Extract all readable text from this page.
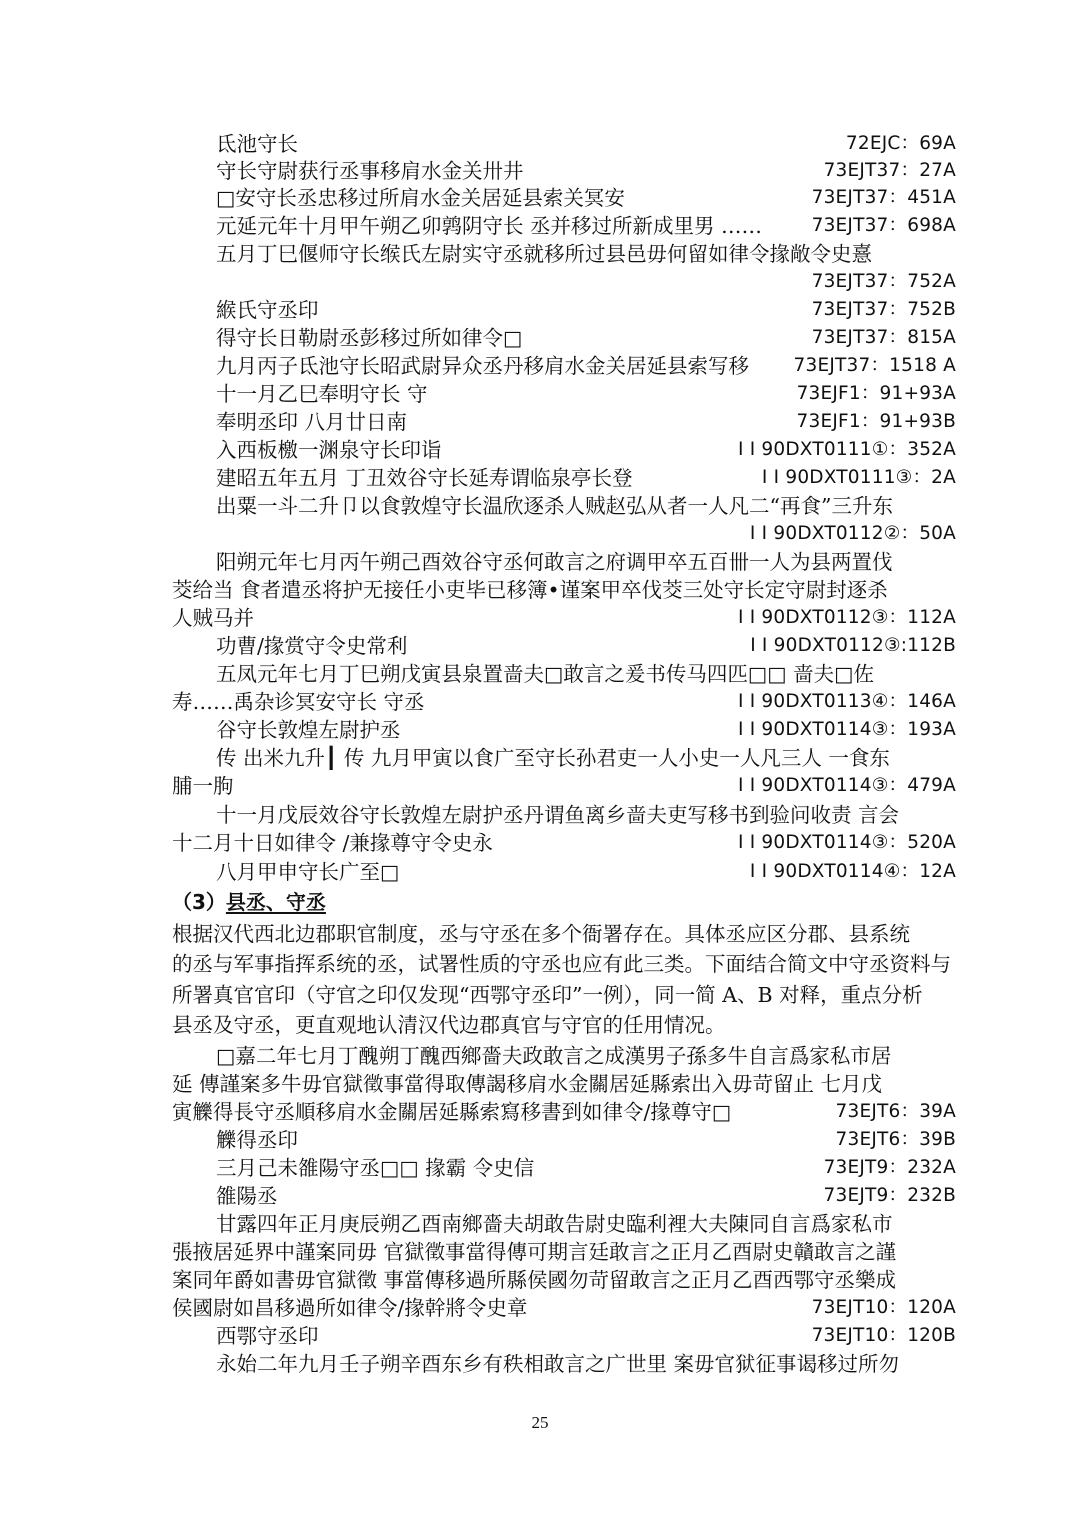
氐池守长	72EJC：69A
守长守尉获行丞事移肩水金关卅井	73EJT37：27A
□安守长丞忠移过所肩水金关居延县索关冥安	73EJT37：451A
元延元年十月甲午朔乙卯鹑阴守长 丞并移过所新成里男 ……	73EJT37：698A
五月丁巳偃师守长缑氏左尉实守丞就移所过县邑毋何留如律令掾敞令史憙
73EJT37：752A
緱氏守丞印	73EJT37：752B
得守长日勒尉丞彭移过所如律令□	73EJT37：815A
九月丙子氐池守长昭武尉异众丞丹移肩水金关居延县索写移 73EJT37：1518 A
十一月乙巳奉明守长 守	73EJF1：91+93A
奉明丞印 八月廿日南	73EJF1：91+93B
入西板檄一渊泉守长印诣	I I 90DXT0111①：352A
建昭五年五月 丁丑效谷守长延寿谓临泉亭长登	I I 90DXT0111③：2A
出粟一斗二升卩以食敦煌守长温欣逐杀人贼赵弘从者一人凡二“再食”三升东
I I 90DXT0112②：50A
阳朔元年七月丙午朔己酉效谷守丞何敢言之府调甲卒五百卌一人为县两置伐
茭给当 食者遣丞将护无接任小吏毕已移簿•谨案甲卒伐茭三处守长定守尉封逐杀
人贼马并	I I 90DXT0112③：112A
功曹/掾赏守令史常利	I I 90DXT0112③:112B
五凤元年七月丁巳朔戊寅县泉置啬夫□敢言之爰书传马四匹□□ 啬夫□佐
寿……禹杂诊冥安守长 守丞	I I 90DXT0113④：146A
谷守长敦煌左尉护丞	I I 90DXT0114③：193A
传 出米九升┃ 传 九月甲寅以食广至守长孙君吏一人小史一人凡三人 一食东
脯一朐	I I 90DXT0114③：479A
十一月戊辰效谷守长敦煌左尉护丞丹谓鱼离乡啬夫吏写移书到验问收责 言会
十二月十日如律令 /兼掾尊守令史永	I I 90DXT0114③：520A
八月甲申守长广至□	I I 90DXT0114④：12A
（3）县丞、守丞
根据汉代西北边郡职官制度，丞与守丞在多个衙署存在。具体丞应区分郡、县系统
的丞与军事指挥系统的丞，试署性质的守丞也应有此三类。下面结合简文中守丞资料与
所署真官官印（守官之印仅发现“西鄂守丞印”一例），同一简 A、B 对释，重点分析
县丞及守丞，更直观地认清汉代边郡真官与守官的任用情况。
□嘉二年七月丁醜朔丁醜西鄉嗇夫政敢言之成漢男子孫多牛自言爲家私市居
延 傳謹案多牛毋官獄徵事當得取傳謁移肩水金關居延縣索出入毋苛留止 七月戊
寅觻得長守丞順移肩水金關居延縣索寫移書到如律令/掾尊守□	73EJT6：39A
觻得丞印	73EJT6：39B
三月己未雒陽守丞□□ 掾霸 令史信	73EJT9：232A
雒陽丞	73EJT9：232B
甘露四年正月庚辰朔乙酉南鄉嗇夫胡敢告尉史臨利裡大夫陳同自言爲家私市
張掖居延界中謹案同毋 官獄徵事當得傳可期言廷敢言之正月乙酉尉史贛敢言之謹
案同年爵如書毋官獄徵 事當傳移過所縣侯國勿苛留敢言之正月乙酉西鄂守丞樂成
侯國尉如昌移過所如律令/掾幹將令史章	73EJT10：120A
西鄂守丞印	73EJT10：120B
永始二年九月壬子朔辛酉东乡有秩相敢言之广世里 案毋官狱征事谒移过所勿
25
